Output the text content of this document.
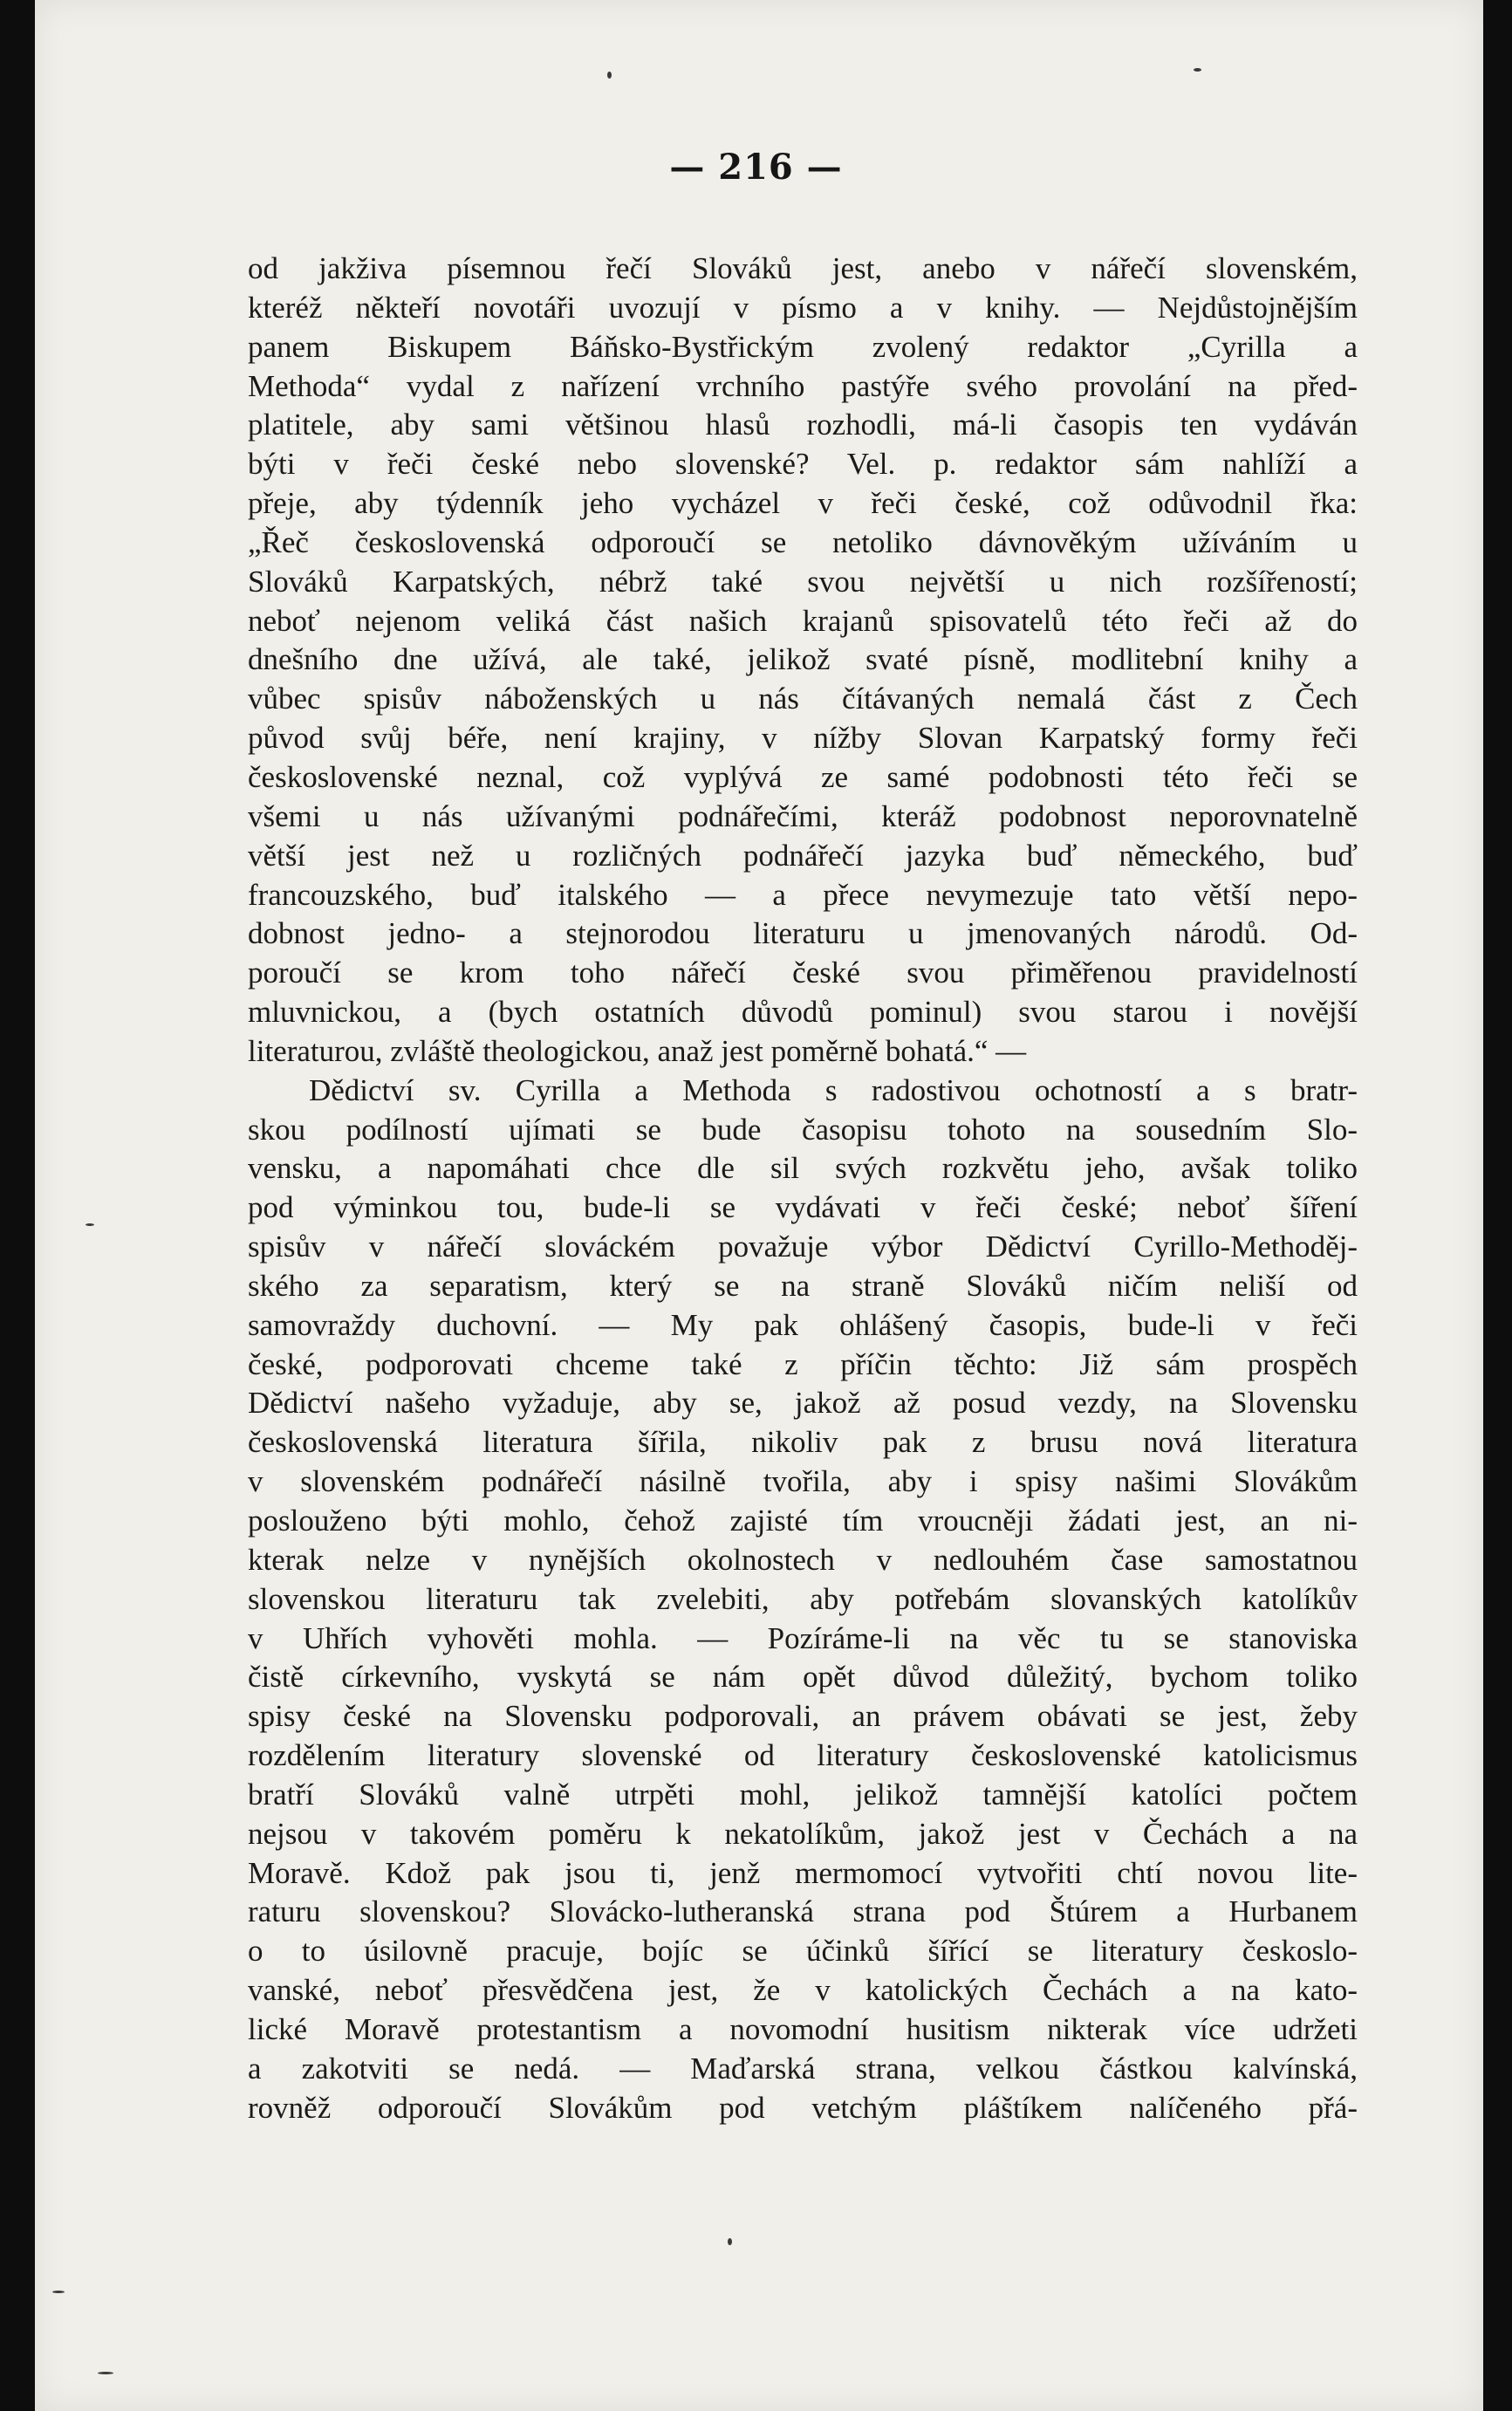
— 216 —
od jakživa písemnou řečí Slováků jest, anebo v nářečí slovenském,
kteréž někteří novotáři uvozují v písmo a v knihy. — Nejdůstojnějším
panem Biskupem Báňsko-Bystřickým zvolený redaktor „Cyrilla a
Methoda“ vydal z nařízení vrchního pastýře svého provolání na před-
platitele, aby sami většinou hlasů rozhodli, má-li časopis ten vydáván
býti v řeči české nebo slovenské? Vel. p. redaktor sám nahlíží a
přeje, aby týdenník jeho vycházel v řeči české, což odůvodnil řka:
„Řeč československá odporoučí se netoliko dávnověkým užíváním u
Slováků Karpatských, nébrž také svou největší u nich rozšířeností;
neboť nejenom veliká část našich krajanů spisovatelů této řeči až do
dnešního dne užívá, ale také, jelikož svaté písně, modlitební knihy a
vůbec spisův náboženských u nás čítávaných nemalá část z Čech
původ svůj béře, není krajiny, v nížby Slovan Karpatský formy řeči
československé neznal, což vyplývá ze samé podobnosti této řeči se
všemi u nás užívanými podnářečími, kteráž podobnost neporovnatelně
větší jest než u rozličných podnářečí jazyka buď německého, buď
francouzského, buď italského — a přece nevymezuje tato větší nepo-
dobnost jedno- a stejnorodou literaturu u jmenovaných národů. Od-
poroučí se krom toho nářečí české svou přiměřenou pravidelností
mluvnickou, a (bych ostatních důvodů pominul) svou starou i novější
literaturou, zvláště theologickou, anaž jest poměrně bohatá.“ —
Dědictví sv. Cyrilla a Methoda s radostivou ochotností a s bratr-
skou podílností ujímati se bude časopisu tohoto na sousedním Slo-
vensku, a napomáhati chce dle sil svých rozkvětu jeho, avšak toliko
pod výminkou tou, bude-li se vydávati v řeči české; neboť šíření
spisův v nářečí slováckém považuje výbor Dědictví Cyrillo-Methoděj-
ského za separatism, který se na straně Slováků ničím neliší od
samovraždy duchovní. — My pak ohlášený časopis, bude-li v řeči
české, podporovati chceme také z příčin těchto: Již sám prospěch
Dědictví našeho vyžaduje, aby se, jakož až posud vezdy, na Slovensku
československá literatura šířila, nikoliv pak z brusu nová literatura
v slovenském podnářečí násilně tvořila, aby i spisy našimi Slovákům
poslouženo býti mohlo, čehož zajisté tím vroucněji žádati jest, an ni-
kterak nelze v nynějších okolnostech v nedlouhém čase samostatnou
slovenskou literaturu tak zvelebiti, aby potřebám slovanských katolíkův
v Uhřích vyhověti mohla. — Pozíráme-li na věc tu se stanoviska
čistě církevního, vyskytá se nám opět důvod důležitý, bychom toliko
spisy české na Slovensku podporovali, an právem obávati se jest, žeby
rozdělením literatury slovenské od literatury československé katolicismus
bratří Slováků valně utrpěti mohl, jelikož tamnější katolíci počtem
nejsou v takovém poměru k nekatolíkům, jakož jest v Čechách a na
Moravě. Kdož pak jsou ti, jenž mermomocí vytvořiti chtí novou lite-
raturu slovenskou? Slovácko-lutheranská strana pod Štúrem a Hurbanem
o to úsilovně pracuje, bojíc se účinků šířící se literatury českoslo-
vanské, neboť přesvědčena jest, že v katolických Čechách a na kato-
lické Moravě protestantism a novomodní husitism nikterak více udržeti
a zakotviti se nedá. — Maďarská strana, velkou částkou kalvínská,
rovněž odporoučí Slovákům pod vetchým pláštíkem nalíčeného přá-
